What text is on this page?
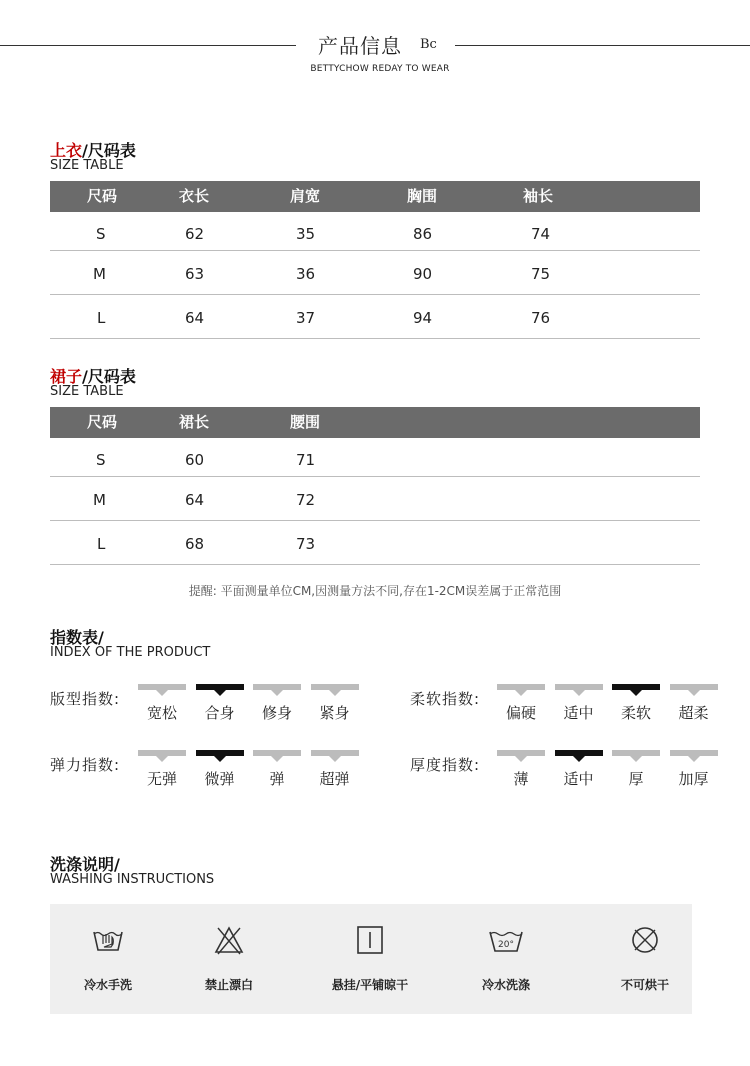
产品信息	Bc
BETTYCHOW REDAY TO WEAR
上衣/尺码表
SIZE TABLE
尺码	衣长	肩宽	胸围	袖长
S	62	35	86	74
M	63	36	90	75
L	64	37	94	76
裙子/尺码表
SIZE TABLE
尺码	裙长	腰围
S	60	71
M	64	72
L	68	73
提醒: 平面测量单位CM,因测量方法不同,存在1-2CM误差属于正常范围
指数表/
INDEX OF THE PRODUCT
版型指数:
宽松	合身	修身	紧身
柔软指数:
偏硬	适中	柔软	超柔
弹力指数:
无弹	微弹	弹	超弹
厚度指数:
薄	适中	厚	加厚
洗涤说明/
WASHING INSTRUCTIONS
冷水手洗	禁止漂白	悬挂/平铺晾干
20°
冷水洗涤	不可烘干
